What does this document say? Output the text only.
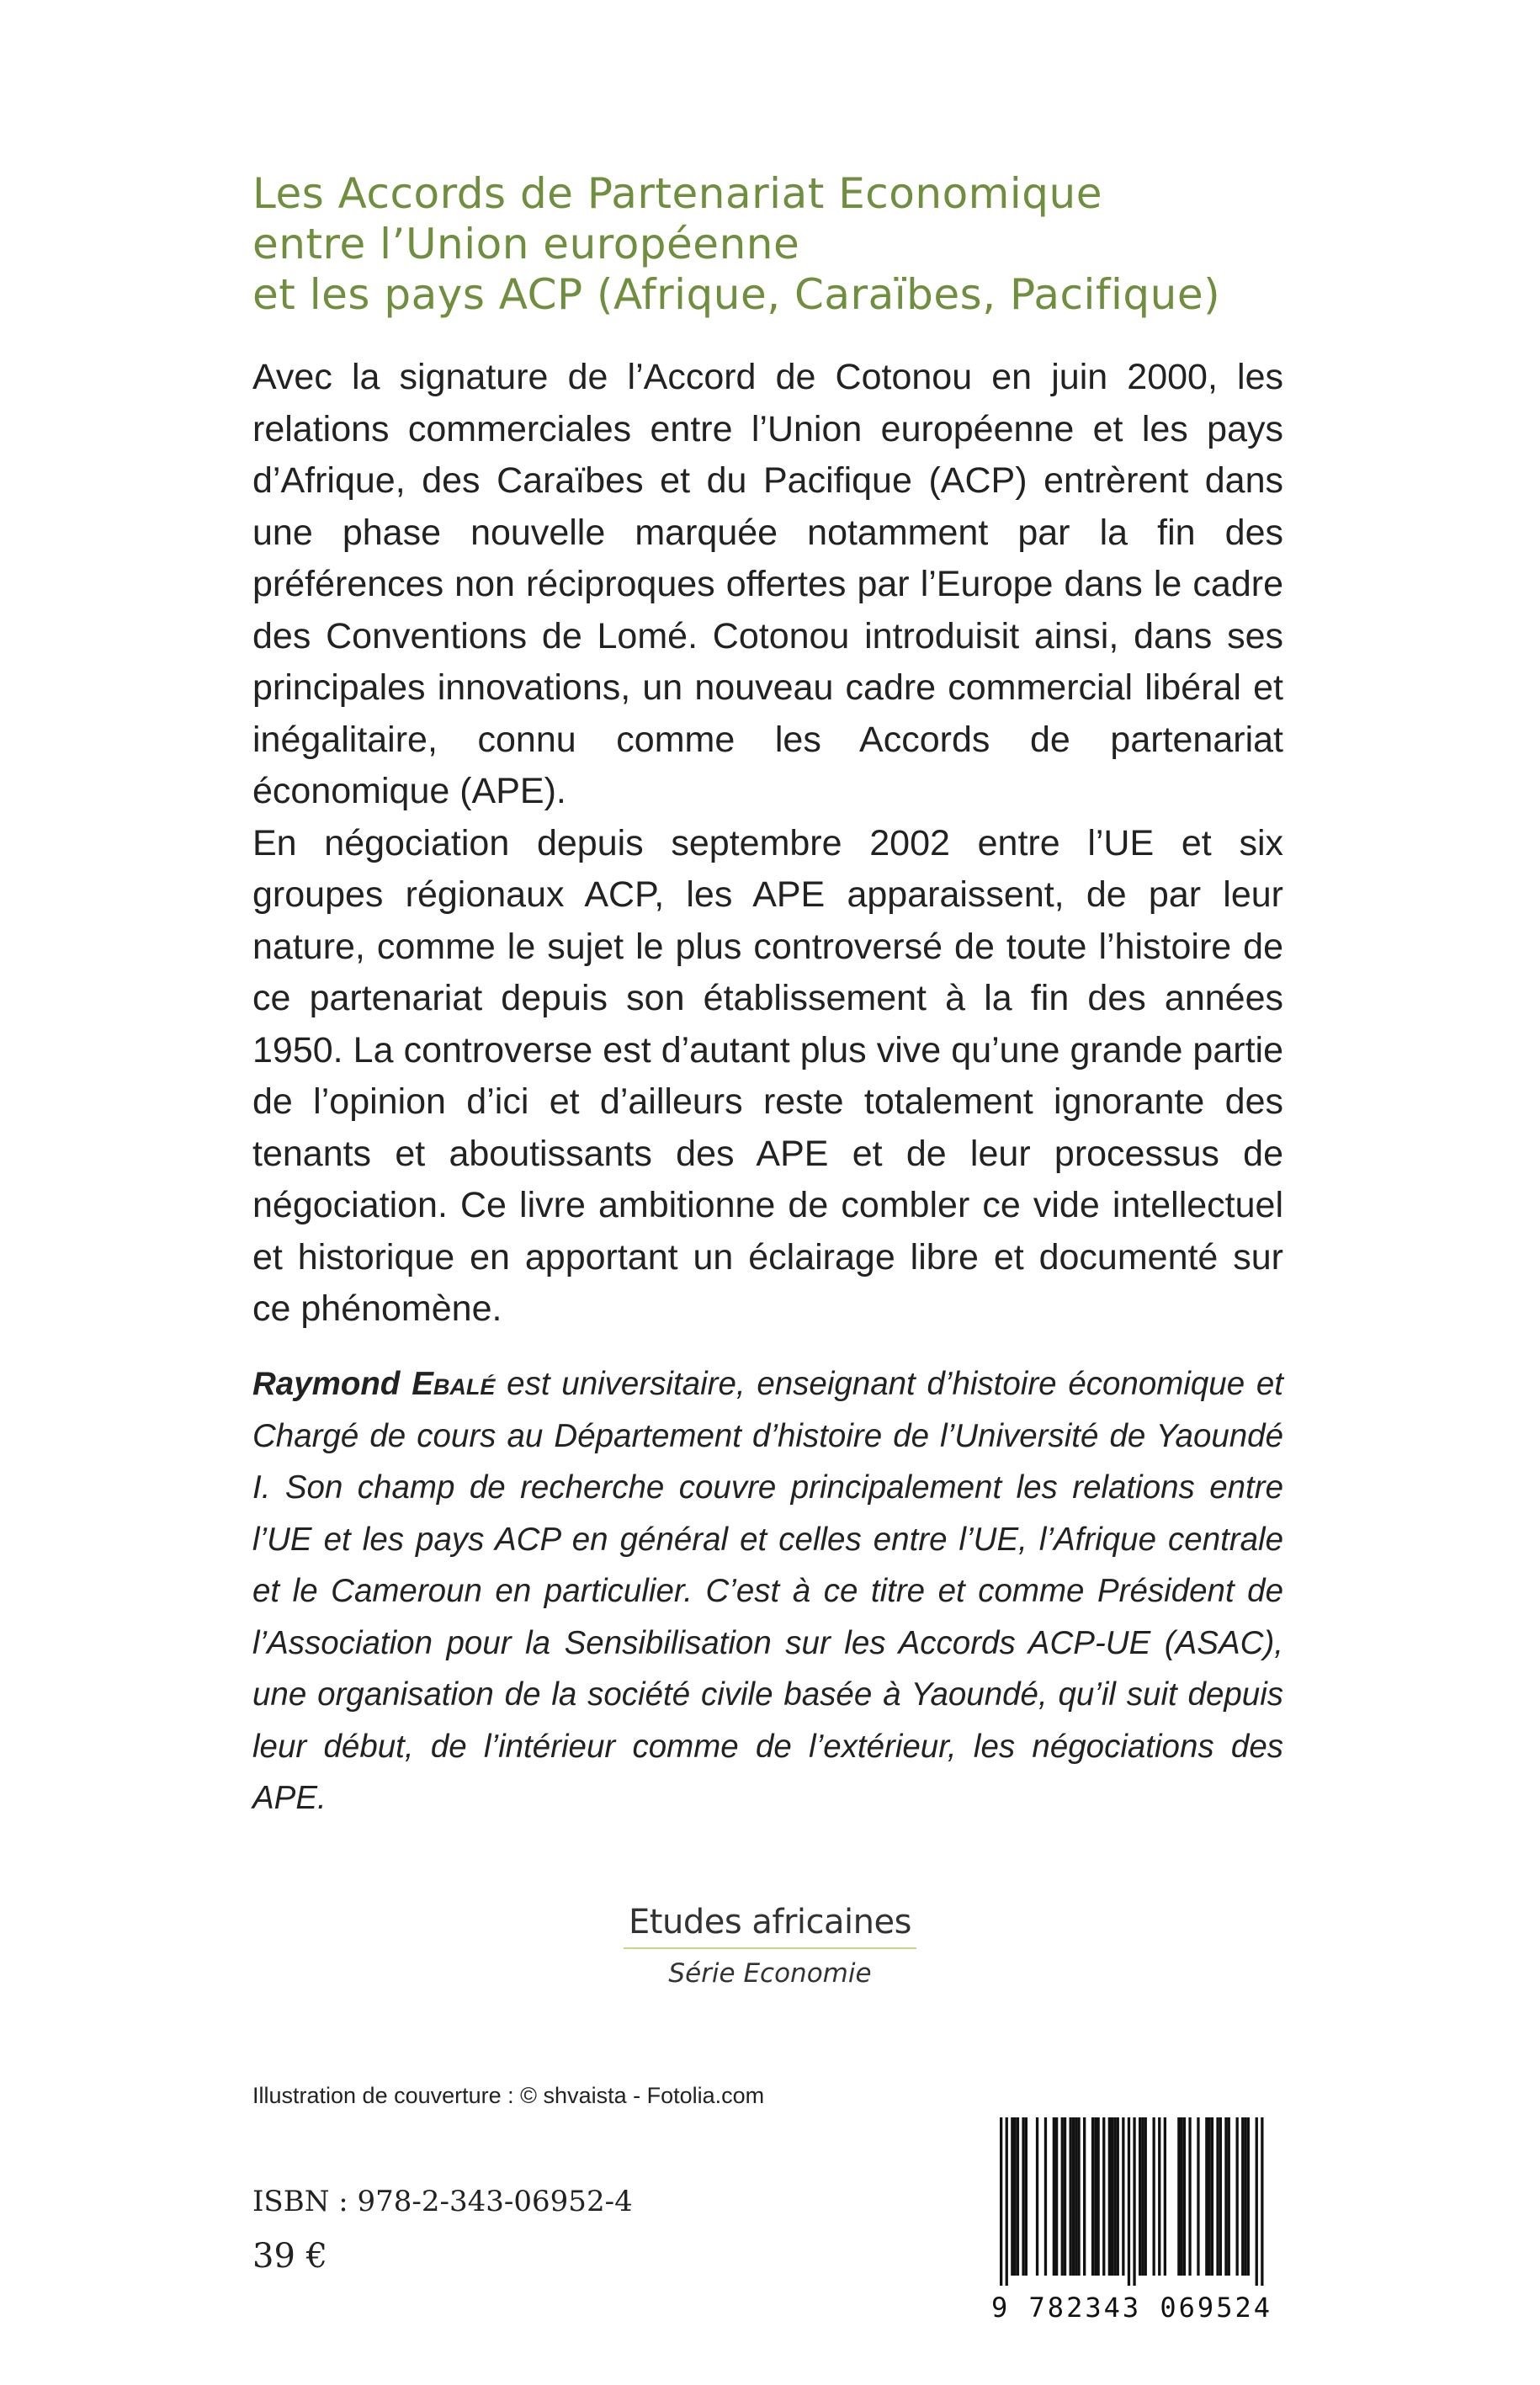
Les Accords de Partenariat Economique
entre l’Union européenne
et les pays ACP (Afrique, Caraïbes, Pacifique)

Avec la signature de l’Accord de Cotonou en juin 2000, les relations commerciales entre l’Union européenne et les pays d’Afrique, des Caraïbes et du Pacifique (ACP) entrèrent dans une phase nouvelle marquée notamment par la fin des préférences non réciproques offertes par l’Europe dans le cadre des Conventions de Lomé. Cotonou introduisit ainsi, dans ses principales innovations, un nouveau cadre commercial libéral et inégalitaire, connu comme les Accords de partenariat économique (APE).

En négociation depuis septembre 2002 entre l’UE et six groupes régionaux ACP, les APE apparaissent, de par leur nature, comme le sujet le plus controversé de toute l’histoire de ce partenariat depuis son établissement à la fin des années 1950. La controverse est d’autant plus vive qu’une grande partie de l’opinion d’ici et d’ailleurs reste totalement ignorante des tenants et aboutissants des APE et de leur processus de négociation. Ce livre ambitionne de combler ce vide intellectuel et historique en apportant un éclairage libre et documenté sur ce phénomène.

Raymond Ebalé est universitaire, enseignant d’histoire économique et Chargé de cours au Département d’histoire de l’Université de Yaoundé I. Son champ de recherche couvre principalement les relations entre l’UE et les pays ACP en général et celles entre l’UE, l’Afrique centrale et le Cameroun en particulier. C’est à ce titre et comme Président de l’Association pour la Sensibilisation sur les Accords ACP-UE (ASAC), une organisation de la société civile basée à Yaoundé, qu’il suit depuis leur début, de l’intérieur comme de l’extérieur, les négociations des APE.
Etudes africaines
Série Economie
Illustration de couverture : © shvaista - Fotolia.com
ISBN : 978-2-343-06952-4
39 €
9 782343 069524
